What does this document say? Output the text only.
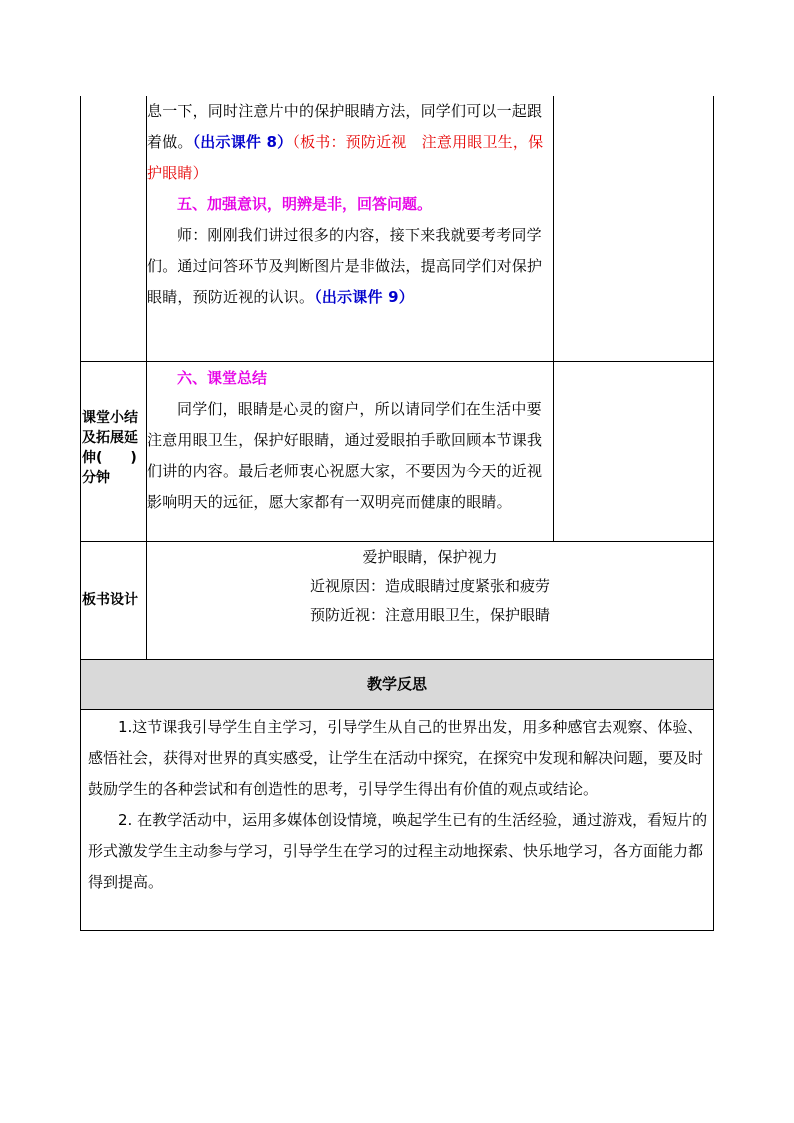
息一下，同时注意片中的保护眼睛方法，同学们可以一起跟着做。（出示课件 8）（板书：预防近视　注意用眼卫生，保护眼睛）

五、加强意识，明辨是非，回答问题。

师：刚刚我们讲过很多的内容，接下来我就要考考同学们。通过问答环节及判断图片是非做法，提高同学们对保护眼睛，预防近视的认识。（出示课件 9）

课堂小结及拓展延伸(　　)分钟

六、课堂总结

同学们，眼睛是心灵的窗户，所以请同学们在生活中要注意用眼卫生，保护好眼睛，通过爱眼拍手歌回顾本节课我们讲的内容。最后老师衷心祝愿大家，不要因为今天的近视影响明天的远征，愿大家都有一双明亮而健康的眼睛。

板书设计
爱护眼睛，保护视力
近视原因：造成眼睛过度紧张和疲劳
预防近视：注意用眼卫生，保护眼睛
教学反思

1.这节课我引导学生自主学习，引导学生从自己的世界出发，用多种感官去观察、体验、感悟社会，获得对世界的真实感受，让学生在活动中探究，在探究中发现和解决问题，要及时鼓励学生的各种尝试和有创造性的思考，引导学生得出有价值的观点或结论。

2. 在教学活动中，运用多媒体创设情境，唤起学生已有的生活经验，通过游戏，看短片的形式激发学生主动参与学习，引导学生在学习的过程主动地探索、快乐地学习，各方面能力都得到提高。
